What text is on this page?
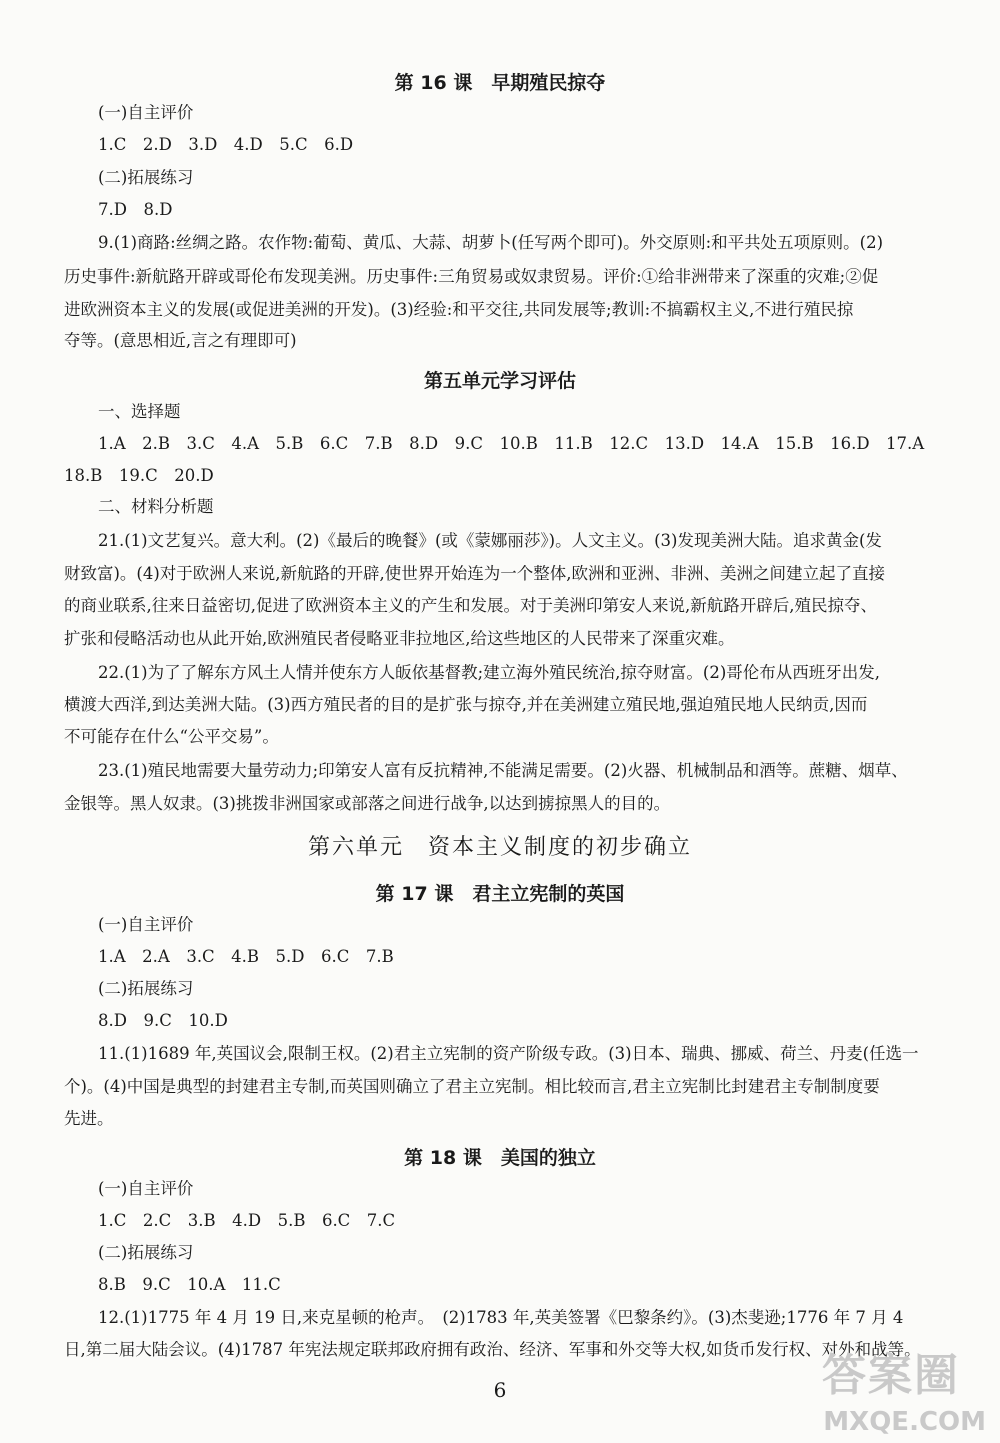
第 16 课　早期殖民掠夺
(一)自主评价
1.C　2.D　3.D　4.D　5.C　6.D
(二)拓展练习
7.D　8.D
9.(1)商路:丝绸之路。农作物:葡萄、黄瓜、大蒜、胡萝卜(任写两个即可)。外交原则:和平共处五项原则。(2)
历史事件:新航路开辟或哥伦布发现美洲。历史事件:三角贸易或奴隶贸易。评价:①给非洲带来了深重的灾难;②促
进欧洲资本主义的发展(或促进美洲的开发)。(3)经验:和平交往,共同发展等;教训:不搞霸权主义,不进行殖民掠
夺等。(意思相近,言之有理即可)
第五单元学习评估
一、选择题
1.A　2.B　3.C　4.A　5.B　6.C　7.B　8.D　9.C　10.B　11.B　12.C　13.D　14.A　15.B　16.D　17.A
18.B　19.C　20.D
二、材料分析题
21.(1)文艺复兴。意大利。(2)《最后的晚餐》(或《蒙娜丽莎》)。人文主义。(3)发现美洲大陆。追求黄金(发
财致富)。(4)对于欧洲人来说,新航路的开辟,使世界开始连为一个整体,欧洲和亚洲、非洲、美洲之间建立起了直接
的商业联系,往来日益密切,促进了欧洲资本主义的产生和发展。对于美洲印第安人来说,新航路开辟后,殖民掠夺、
扩张和侵略活动也从此开始,欧洲殖民者侵略亚非拉地区,给这些地区的人民带来了深重灾难。
22.(1)为了了解东方风土人情并使东方人皈依基督教;建立海外殖民统治,掠夺财富。(2)哥伦布从西班牙出发,
横渡大西洋,到达美洲大陆。(3)西方殖民者的目的是扩张与掠夺,并在美洲建立殖民地,强迫殖民地人民纳贡,因而
不可能存在什么“公平交易”。
23.(1)殖民地需要大量劳动力;印第安人富有反抗精神,不能满足需要。(2)火器、机械制品和酒等。蔗糖、烟草、
金银等。黑人奴隶。(3)挑拨非洲国家或部落之间进行战争,以达到掳掠黑人的目的。
第六单元　资本主义制度的初步确立
第 17 课　君主立宪制的英国
(一)自主评价
1.A　2.A　3.C　4.B　5.D　6.C　7.B
(二)拓展练习
8.D　9.C　10.D
11.(1)1689 年,英国议会,限制王权。(2)君主立宪制的资产阶级专政。(3)日本、瑞典、挪威、荷兰、丹麦(任选一
个)。(4)中国是典型的封建君主专制,而英国则确立了君主立宪制。相比较而言,君主立宪制比封建君主专制制度要
先进。
第 18 课　美国的独立
(一)自主评价
1.C　2.C　3.B　4.D　5.B　6.C　7.C
(二)拓展练习
8.B　9.C　10.A　11.C
12.(1)1775 年 4 月 19 日,来克星顿的枪声。　(2)1783 年,英美签署《巴黎条约》。(3)杰斐逊;1776 年 7 月 4
日,第二届大陆会议。(4)1787 年宪法规定联邦政府拥有政治、经济、军事和外交等大权,如货币发行权、对外和战等。
6	答案圈
MXQE.COM
